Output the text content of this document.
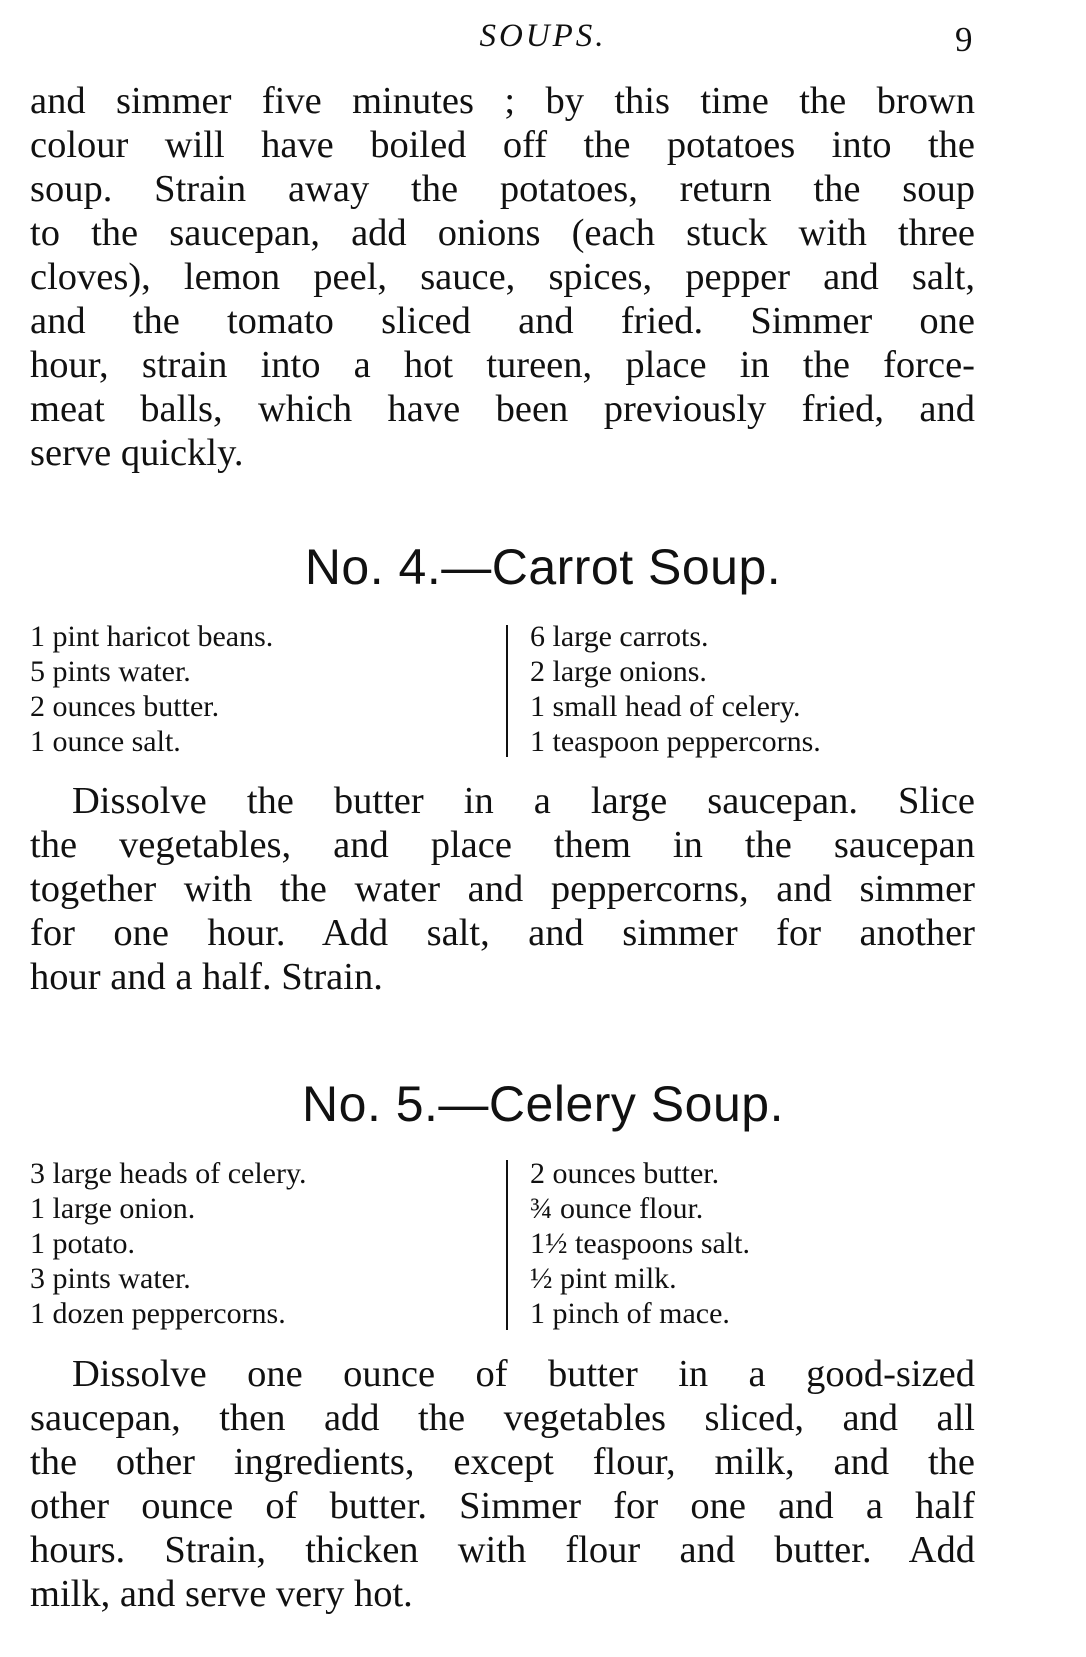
SOUPS.	9
and simmer five minutes ; by this time the brown
colour will have boiled off the potatoes into the
soup. Strain away the potatoes, return the soup
to the saucepan, add onions (each stuck with three
cloves), lemon peel, sauce, spices, pepper and salt,
and the tomato sliced and fried. Simmer one
hour, strain into a hot tureen, place in the force-
meat balls, which have been previously fried, and
serve quickly.
No. 4.—Carrot Soup.
1 pint haricot beans.
5 pints water.
2 ounces butter.
1 ounce salt.
6 large carrots.
2 large onions.
1 small head of celery.
1 teaspoon peppercorns.
Dissolve the butter in a large saucepan. Slice
the vegetables, and place them in the saucepan
together with the water and peppercorns, and simmer
for one hour. Add salt, and simmer for another
hour and a half. Strain.
No. 5.—Celery Soup.
3 large heads of celery.
1 large onion.
1 potato.
3 pints water.
1 dozen peppercorns.
2 ounces butter.
¾ ounce flour.
1½ teaspoons salt.
½ pint milk.
1 pinch of mace.
Dissolve one ounce of butter in a good-sized
saucepan, then add the vegetables sliced, and all
the other ingredients, except flour, milk, and the
other ounce of butter. Simmer for one and a half
hours. Strain, thicken with flour and butter. Add
milk, and serve very hot.
